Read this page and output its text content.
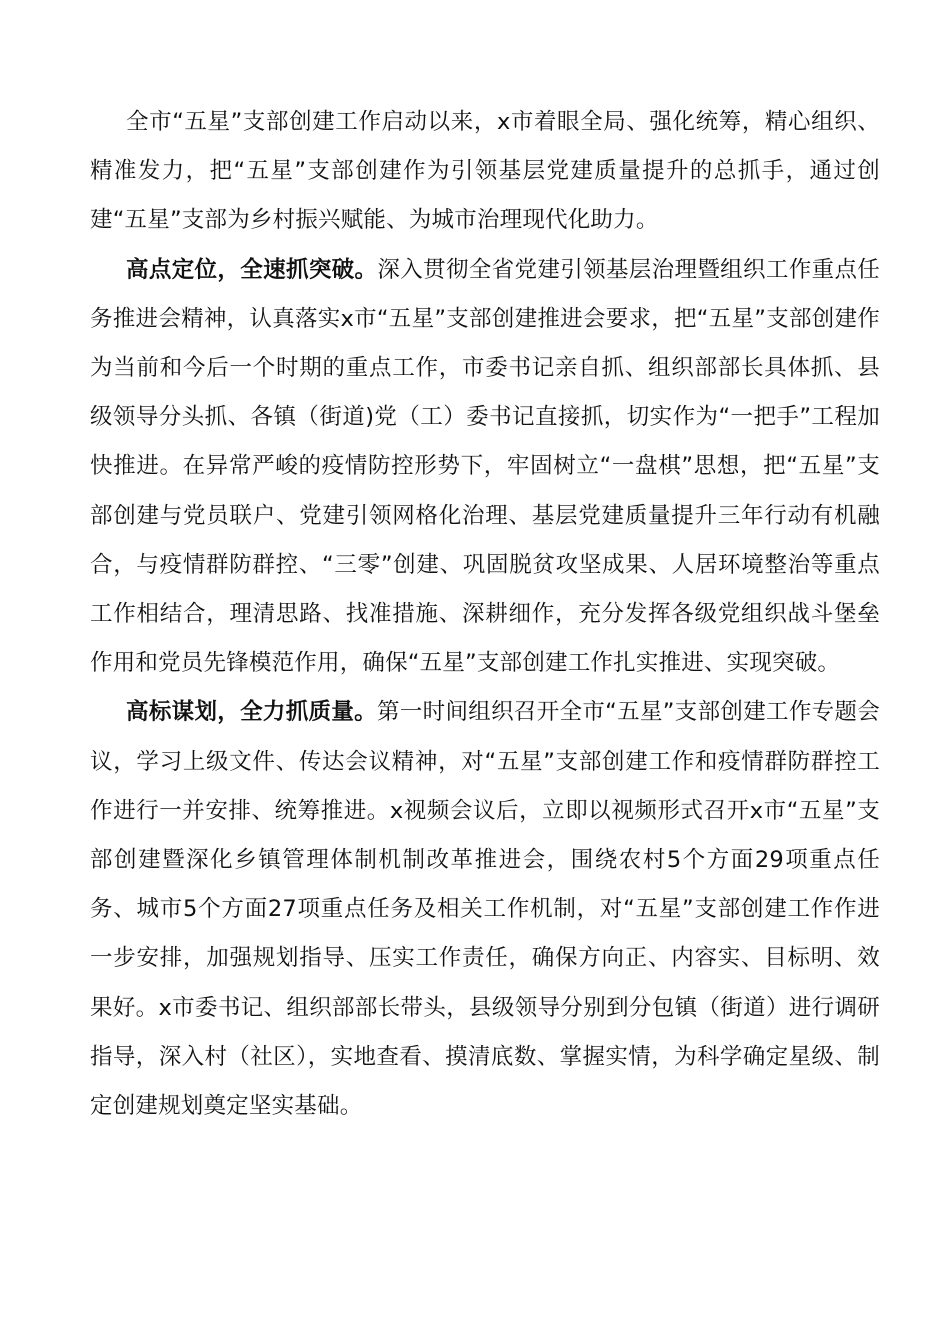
全市“五星”支部创建工作启动以来，x市着眼全局、强化统筹，精心组织、精准发力，把“五星”支部创建作为引领基层党建质量提升的总抓手，通过创建“五星”支部为乡村振兴赋能、为城市治理现代化助力。

高点定位，全速抓突破。深入贯彻全省党建引领基层治理暨组织工作重点任务推进会精神，认真落实x市“五星”支部创建推进会要求，把“五星”支部创建作为当前和今后一个时期的重点工作，市委书记亲自抓、组织部部长具体抓、县级领导分头抓、各镇（街道)党（工）委书记直接抓，切实作为“一把手”工程加快推进。在异常严峻的疫情防控形势下，牢固树立“一盘棋”思想，把“五星”支部创建与党员联户、党建引领网格化治理、基层党建质量提升三年行动有机融合，与疫情群防群控、“三零”创建、巩固脱贫攻坚成果、人居环境整治等重点工作相结合，理清思路、找准措施、深耕细作，充分发挥各级党组织战斗堡垒作用和党员先锋模范作用，确保“五星”支部创建工作扎实推进、实现突破。

高标谋划，全力抓质量。第一时间组织召开全市“五星”支部创建工作专题会议，学习上级文件、传达会议精神，对“五星”支部创建工作和疫情群防群控工作进行一并安排、统筹推进。x视频会议后，立即以视频形式召开x市“五星”支部创建暨深化乡镇管理体制机制改革推进会，围绕农村5个方面29项重点任务、城市5个方面27项重点任务及相关工作机制，对“五星”支部创建工作作进一步安排，加强规划指导、压实工作责任，确保方向正、内容实、目标明、效果好。x市委书记、组织部部长带头，县级领导分别到分包镇（街道）进行调研指导，深入村（社区），实地查看、摸清底数、掌握实情，为科学确定星级、制定创建规划奠定坚实基础。
